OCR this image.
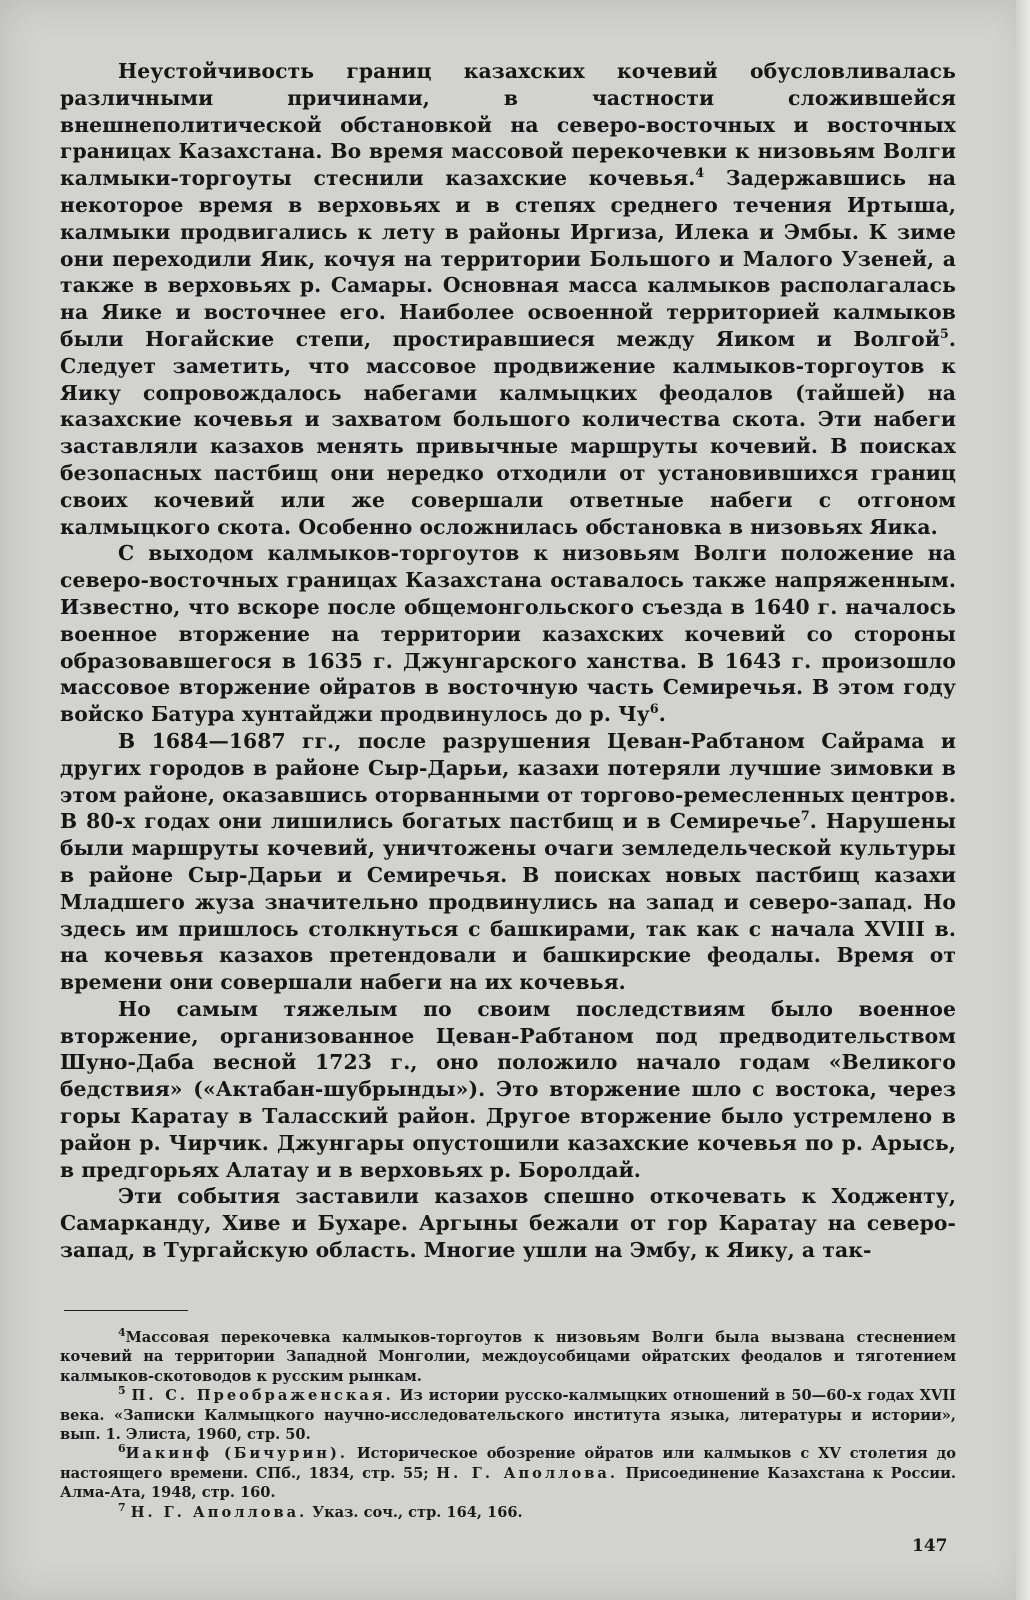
Неустойчивость границ казахских кочевий обусловливалась различными причинами, в частности сложившейся внешнеполитической обстановкой на северо-восточных и восточных границах Казахстана. Во время массовой перекочевки к низовьям Волги калмыки-торгоуты стеснили казахские кочевья.$^4$ Задержавшись на некоторое время в верховьях и в степях среднего течения Иртыша, калмыки продвигались к лету в районы Иргиза, Илека и Эмбы. К зиме они переходили Яик, кочуя на территории Большого и Малого Узеней, а также в верховьях р. Самары. Основная масса калмыков располагалась на Яике и восточнее его. Наиболее освоенной территорией калмыков были Ногайские степи, простиравшиеся между Яиком и Волгой$^5$. Следует заметить, что массовое продвижение калмыков-торгоутов к Яику сопровождалось набегами калмыцких феодалов (тайшей) на казахские кочевья и захватом большого количества скота. Эти набеги заставляли казахов менять привычные маршруты кочевий. В поисках безопасных пастбищ они нередко отходили от установившихся границ своих кочевий или же совершали ответные набеги с отгоном калмыцкого скота. Особенно осложнилась обстановка в низовьях Яика.

С выходом калмыков-торгоутов к низовьям Волги положение на северо-восточных границах Казахстана оставалось также напряженным. Известно, что вскоре после общемонгольского съезда в 1640 г. началось военное вторжение на территории казахских кочевий со стороны образовавшегося в 1635 г. Джунгарского ханства. В 1643 г. произошло массовое вторжение ойратов в восточную часть Семиречья. В этом году войско Батура хунтайджи продвинулось до р. Чу$^6$.

В 1684—1687 гг., после разрушения Цеван-Рабтаном Сайрама и других городов в районе Сыр-Дарьи, казахи потеряли лучшие зимовки в этом районе, оказавшись оторванными от торгово-ремесленных центров. В 80-х годах они лишились богатых пастбищ и в Семиречье$^7$. Нарушены были маршруты кочевий, уничтожены очаги земледельческой культуры в районе Сыр-Дарьи и Семиречья. В поисках новых пастбищ казахи Младшего жуза значительно продвинулись на запад и северо-запад. Но здесь им пришлось столкнуться с башкирами, так как с начала XVIII в. на кочевья казахов претендовали и башкирские феодалы. Время от времени они совершали набеги на их кочевья.

Но самым тяжелым по своим последствиям было военное вторжение, организованное Цеван-Рабтаном под предводительством Шуно-Даба весной 1723 г., оно положило начало годам «Великого бедствия» («Актабан-шубрынды»). Это вторжение шло с востока, через горы Каратау в Таласский район. Другое вторжение было устремлено в район р. Чирчик. Джунгары опустошили казахские кочевья по р. Арысь, в предгорьях Алатау и в верховьях р. Боролдай.

Эти события заставили казахов спешно откочевать к Ходженту, Самарканду, Хиве и Бухаре. Аргыны бежали от гор Каратау на северо-запад, в Тургайскую область. Многие ушли на Эмбу, к Яику, а так-

$^4$Массовая перекочевка калмыков-торгоутов к низовьям Волги была вызвана стеснением кочевий на территории Западной Монголии, междоусобицами ойратских феодалов и тяготением калмыков-скотоводов к русским рынкам.

$^5$ П. С. Преображенская. Из истории русско-калмыцких отношений в 50—60-х годах XVII века. «Записки Калмыцкого научно-исследовательского института языка, литературы и истории», вып. 1. Элиста, 1960, стр. 50.

$^6$Иакинф (Бичурин). Историческое обозрение ойратов или калмыков с XV столетия до настоящего времени. СПб., 1834, стр. 55; Н. Г. Аполлова. Присоединение Казахстана к России. Алма-Ата, 1948, стр. 160.

$^7$ Н. Г. Аполлова. Указ. соч., стр. 164, 166.

147
